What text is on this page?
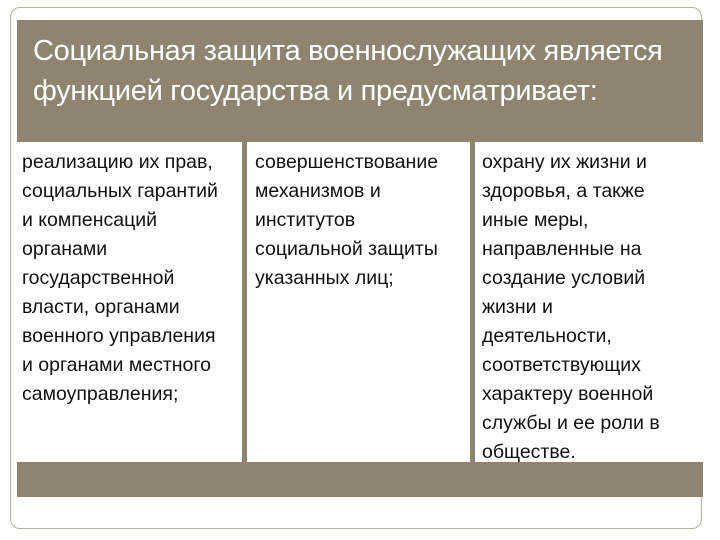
Социальная защита военнослужащих является функцией государства и предусматривает:

реализацию их прав,
социальных гарантий
и компенсаций
органами
государственной
власти, органами
военного управления
и органами местного
самоуправления;

совершенствование
механизмов и
институтов
социальной защиты
указанных лиц;

охрану их жизни и
здоровья, а также
иные меры,
направленные на
создание условий
жизни и
деятельности,
соответствующих
характеру военной
службы и ее роли в
обществе.
